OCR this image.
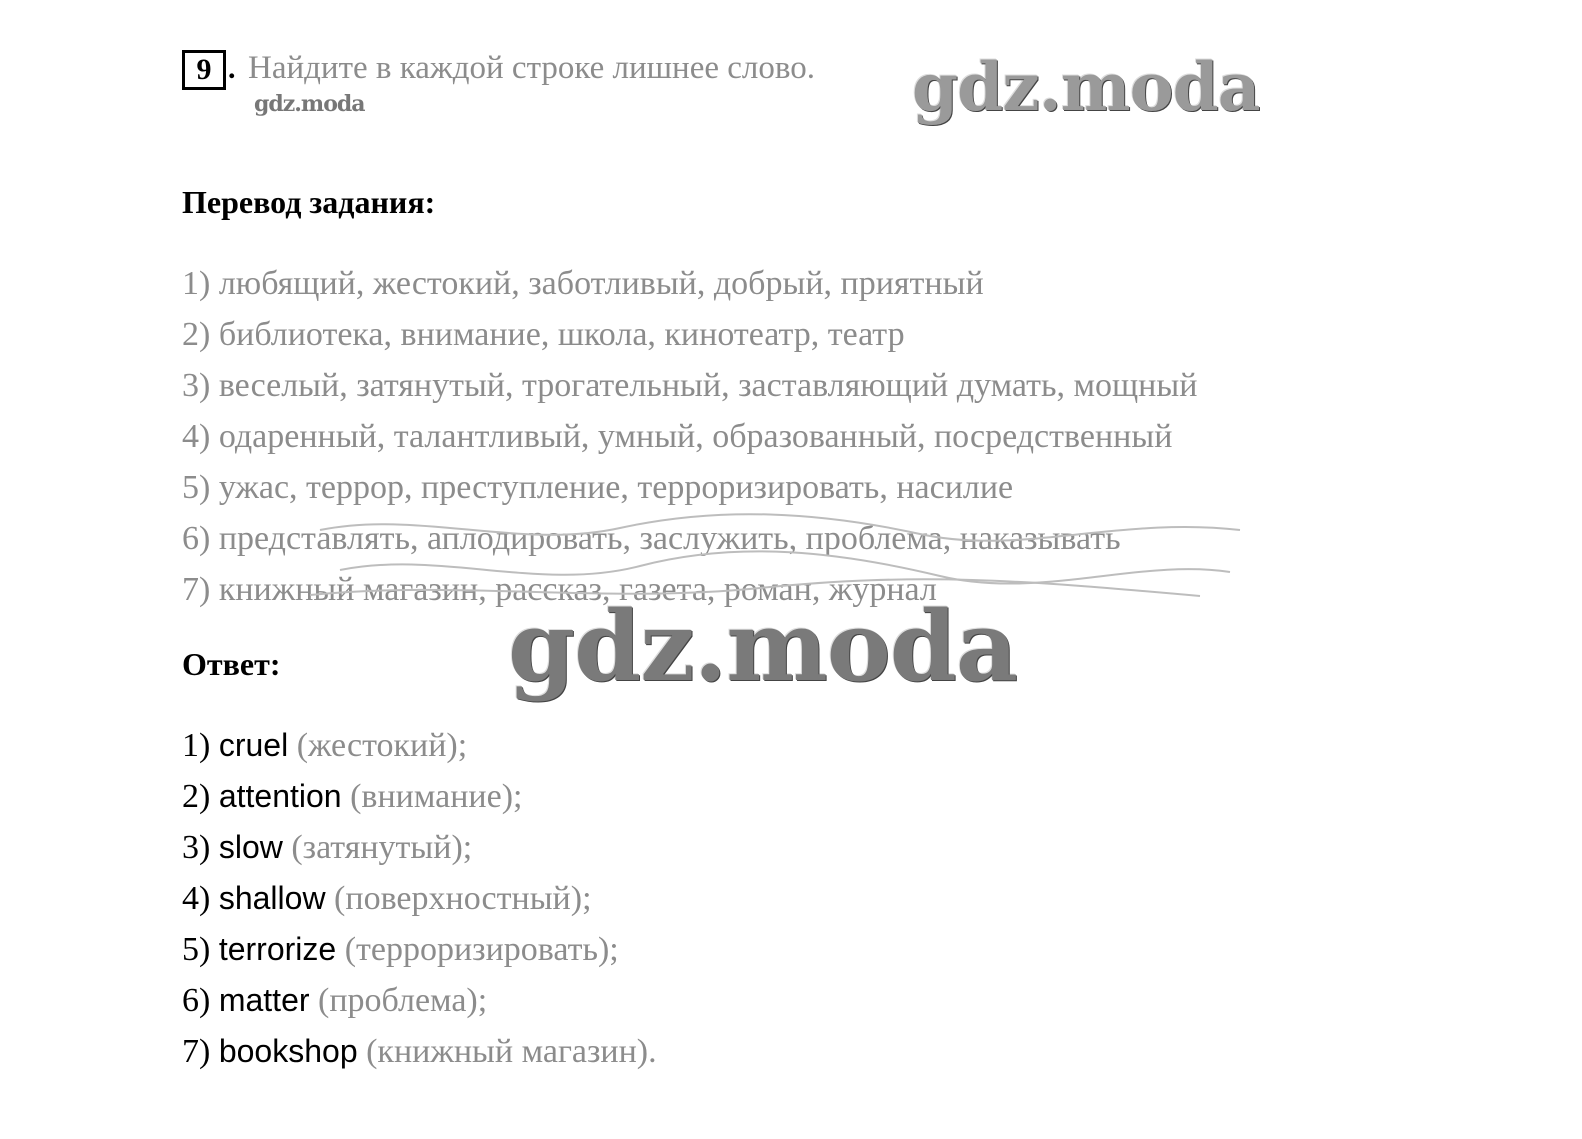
9 . Найдите в каждой строке лишнее слово. gdz.moda
gdz.moda
Перевод задания:
1) любящий, жестокий, заботливый, добрый, приятный
2) библиотека, внимание, школа, кинотеатр, театр
3) веселый, затянутый, трогательный, заставляющий думать, мощный
4) одаренный, талантливый, умный, образованный, посредственный
5) ужас, террор, преступление, терроризировать, насилие
6) представлять, аплодировать, заслужить, проблема, наказывать
7) книжный магазин, рассказ, газета, роман, журнал
gdz.moda
Ответ:
1) cruel (жестокий);
2) attention (внимание);
3) slow (затянутый);
4) shallow (поверхностный);
5) terrorize (терроризировать);
6) matter (проблема);
7) bookshop (книжный магазин).
